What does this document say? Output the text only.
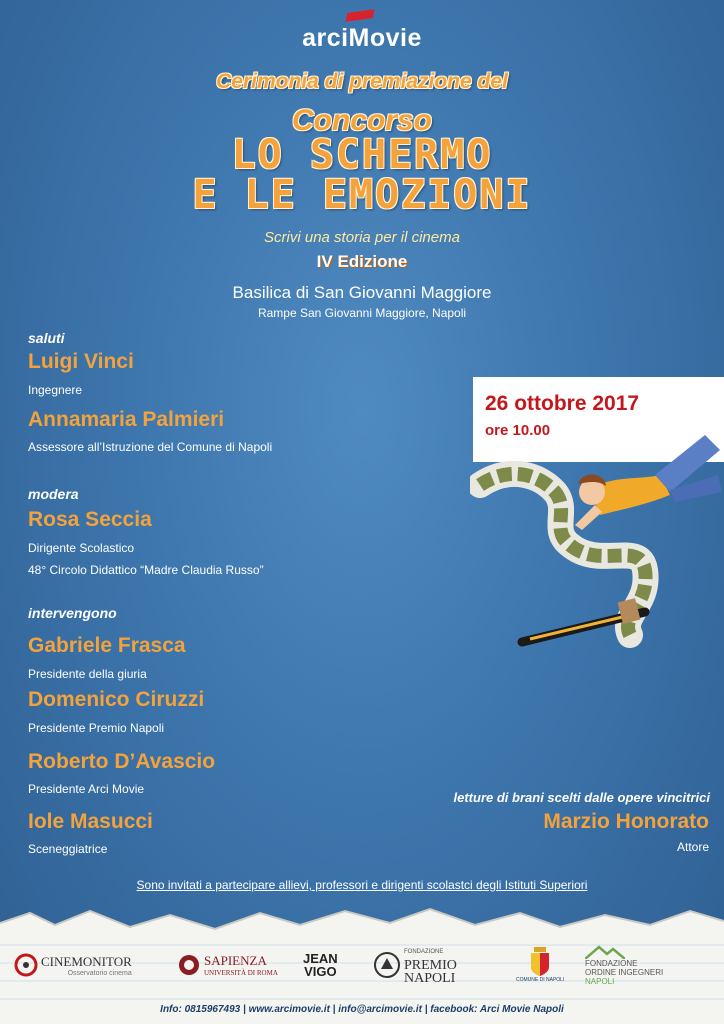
arciMovie
Cerimonia di premiazione del
Concorso
LO SCHERMO
E LE EMOZIONI
Scrivi una storia per il cinema
IV Edizione
Basilica di San Giovanni Maggiore
Rampe San Giovanni Maggiore, Napoli
saluti
Luigi Vinci
Ingegnere
Annamaria Palmieri
Assessore all’Istruzione del Comune di Napoli
modera
Rosa Seccia
Dirigente Scolastico
48° Circolo Didattico “Madre Claudia Russo”
intervengono
Gabriele Frasca
Presidente della giuria
Domenico Ciruzzi
Presidente Premio Napoli
Roberto D’Avascio
Presidente Arci Movie
Iole Masucci
Sceneggiatrice
26 ottobre 2017
ore 10.00
letture di brani scelti dalle opere vincitrici
Marzio Honorato
Attore
Sono invitati a partecipare allievi, professori e dirigenti scolastci degli Istituti Superiori
CINEMONITOR
Osservatorio cinema
SAPIENZA
UNIVERSITÀ DI ROMA
JEAN
VIGO
FONDAZIONE
PREMIO
NAPOLI	COMUNE DI NAPOLI
FONDAZIONE
ORDINE INGEGNERI
NAPOLI
Info: 0815967493 | www.arcimovie.it | info@arcimovie.it | facebook: Arci Movie Napoli
